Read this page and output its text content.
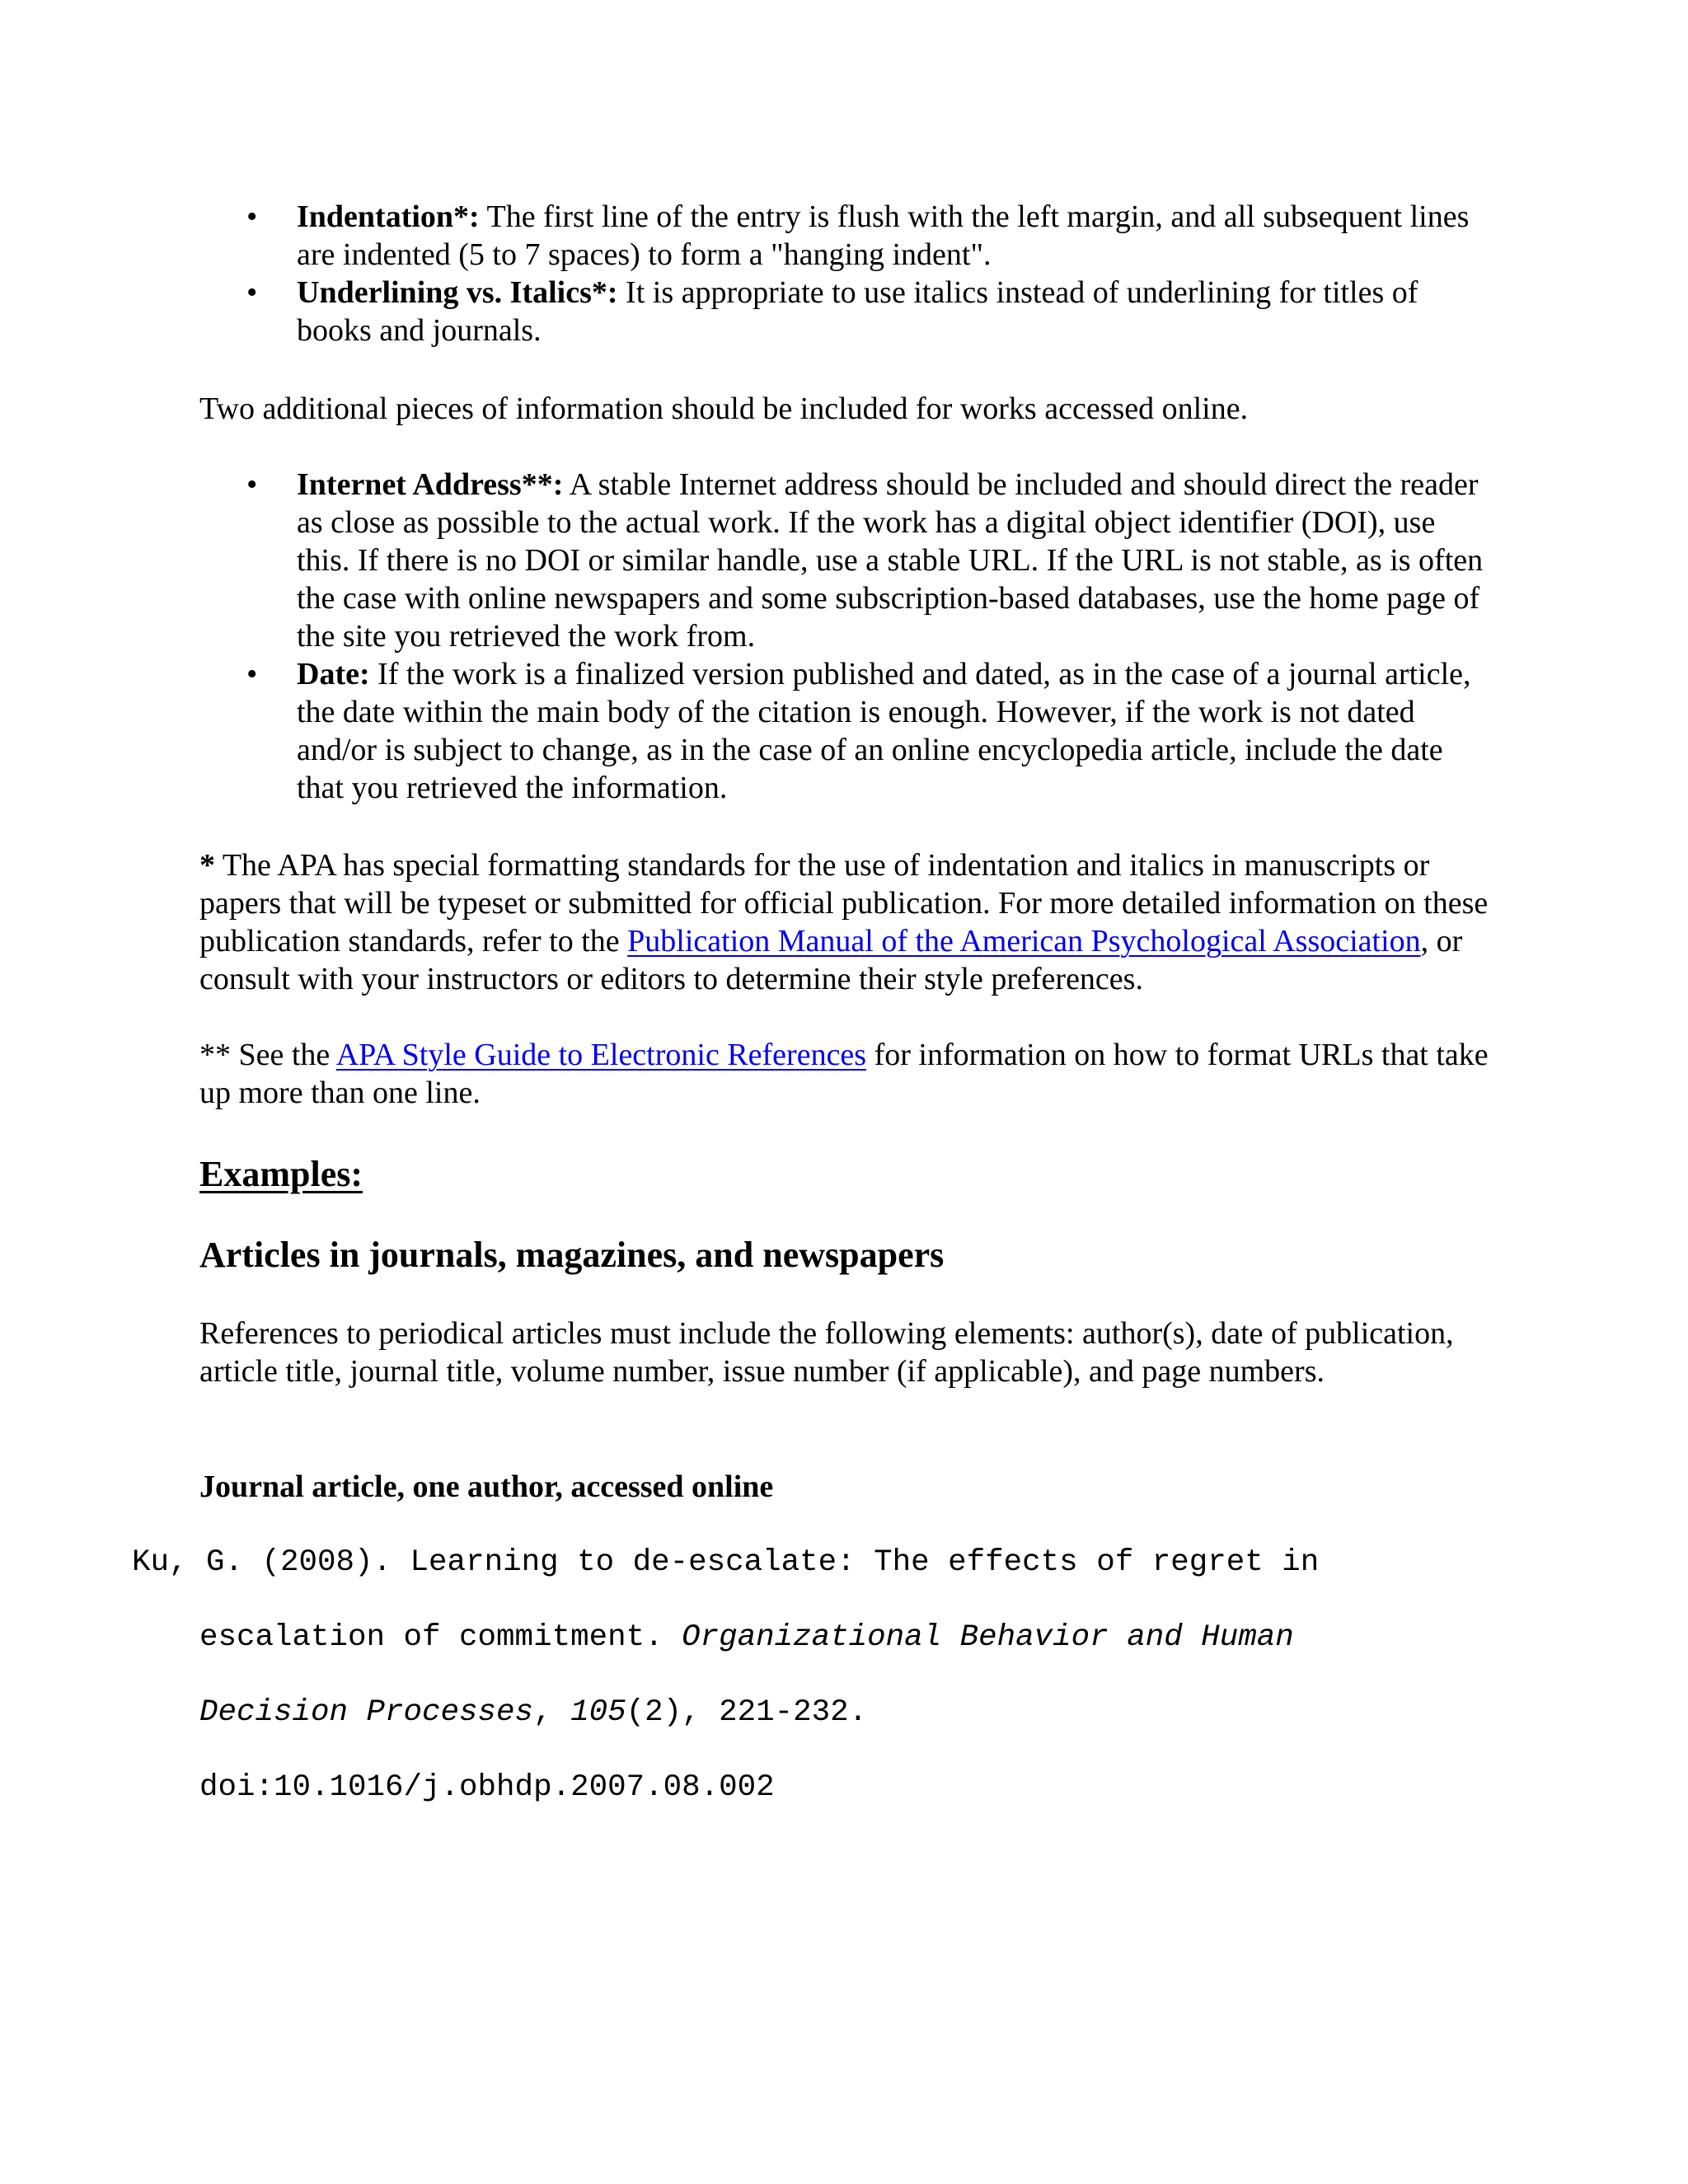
• Indentation*: The first line of the entry is flush with the left margin, and all subsequent lines are indented (5 to 7 spaces) to form a "hanging indent".
• Underlining vs. Italics*: It is appropriate to use italics instead of underlining for titles of books and journals.

Two additional pieces of information should be included for works accessed online.

• Internet Address**: A stable Internet address should be included and should direct the reader as close as possible to the actual work. If the work has a digital object identifier (DOI), use this. If there is no DOI or similar handle, use a stable URL. If the URL is not stable, as is often the case with online newspapers and some subscription-based databases, use the home page of the site you retrieved the work from.
• Date: If the work is a finalized version published and dated, as in the case of a journal article, the date within the main body of the citation is enough. However, if the work is not dated and/or is subject to change, as in the case of an online encyclopedia article, include the date that you retrieved the information.

* The APA has special formatting standards for the use of indentation and italics in manuscripts or papers that will be typeset or submitted for official publication. For more detailed information on these publication standards, refer to the Publication Manual of the American Psychological Association, or consult with your instructors or editors to determine their style preferences.

** See the APA Style Guide to Electronic References for information on how to format URLs that take up more than one line.

Examples:
Articles in journals, magazines, and newspapers

References to periodical articles must include the following elements: author(s), date of publication, article title, journal title, volume number, issue number (if applicable), and page numbers.

Journal article, one author, accessed online
Ku, G. (2008). Learning to de-escalate: The effects of regret in
escalation of commitment. Organizational Behavior and Human
Decision Processes, 105(2), 221-232.
doi:10.1016/j.obhdp.2007.08.002
